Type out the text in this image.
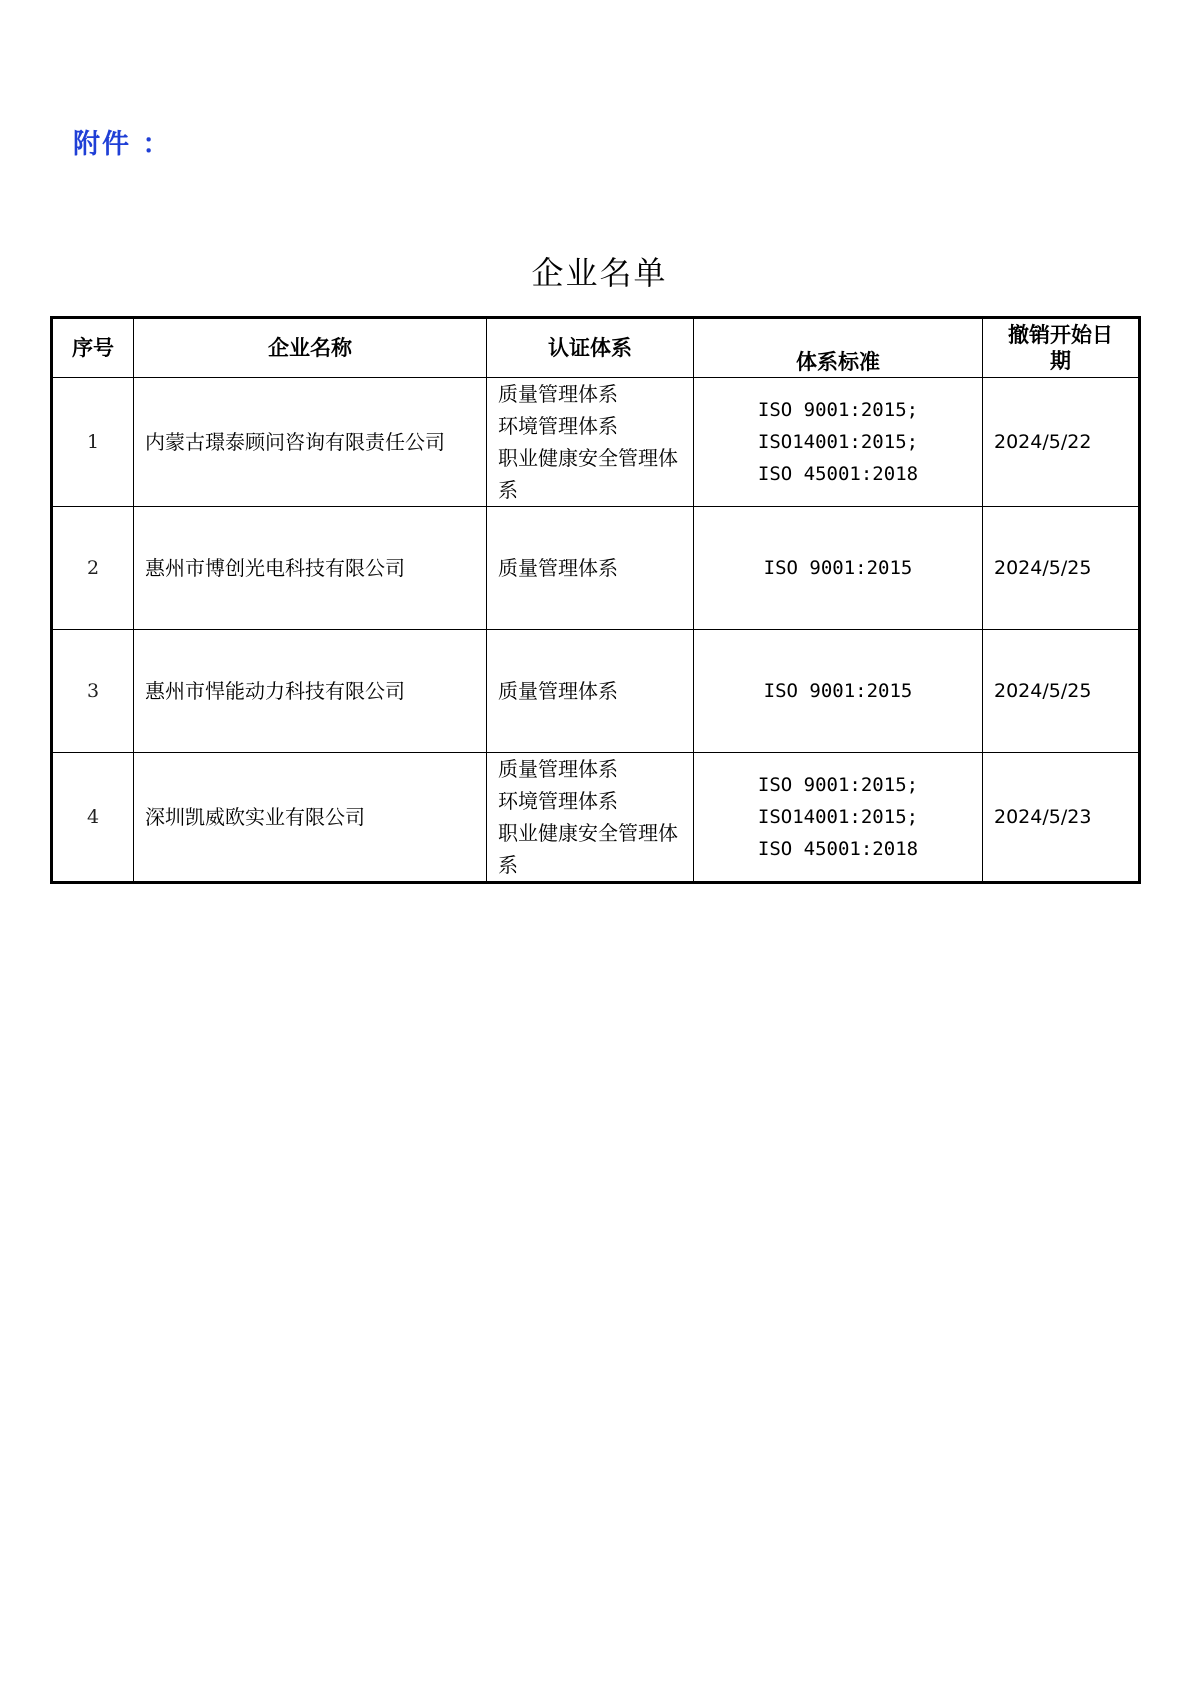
附件 ：
企业名单
序号	企业名称	认证体系	体系标准	撤销开始日
期

1	内蒙古璟泰顾问咨询有限责任公司	质量管理体系
环境管理体系
职业健康安全管理体系	ISO 9001:2015;
ISO14001:2015;
ISO 45001:2018	2024/5/22
2	惠州市博创光电科技有限公司	质量管理体系	ISO 9001:2015	2024/5/25
3	惠州市悍能动力科技有限公司	质量管理体系	ISO 9001:2015	2024/5/25
4	深圳凯威欧实业有限公司	质量管理体系
环境管理体系
职业健康安全管理体系	ISO 9001:2015;
ISO14001:2015;
ISO 45001:2018	2024/5/23
